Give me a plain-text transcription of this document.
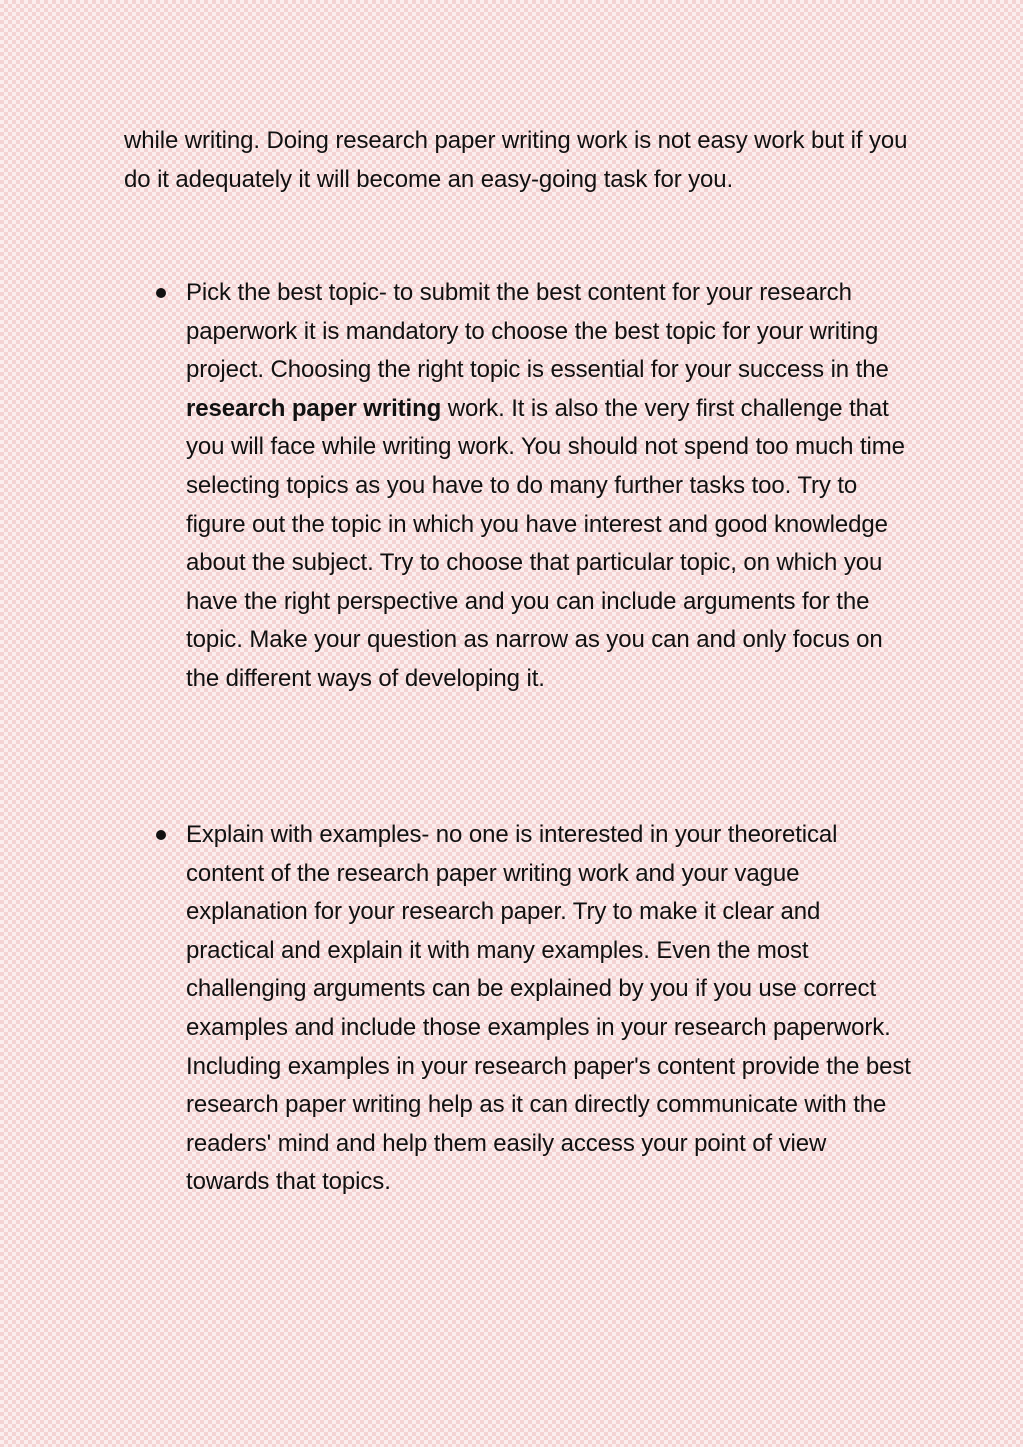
while writing. Doing research paper writing work is not easy work but if you do it adequately it will become an easy-going task for you.

Pick the best topic- to submit the best content for your research paperwork it is mandatory to choose the best topic for your writing project. Choosing the right topic is essential for your success in the research paper writing work. It is also the very first challenge that you will face while writing work. You should not spend too much time selecting topics as you have to do many further tasks too. Try to figure out the topic in which you have interest and good knowledge about the subject. Try to choose that particular topic, on which you have the right perspective and you can include arguments for the topic. Make your question as narrow as you can and only focus on the different ways of developing it.
Explain with examples- no one is interested in your theoretical content of the research paper writing work and your vague explanation for your research paper. Try to make it clear and practical and explain it with many examples. Even the most challenging arguments can be explained by you if you use correct examples and include those examples in your research paperwork. Including examples in your research paper's content provide the best research paper writing help as it can directly communicate with the readers' mind and help them easily access your point of view towards that topics.
